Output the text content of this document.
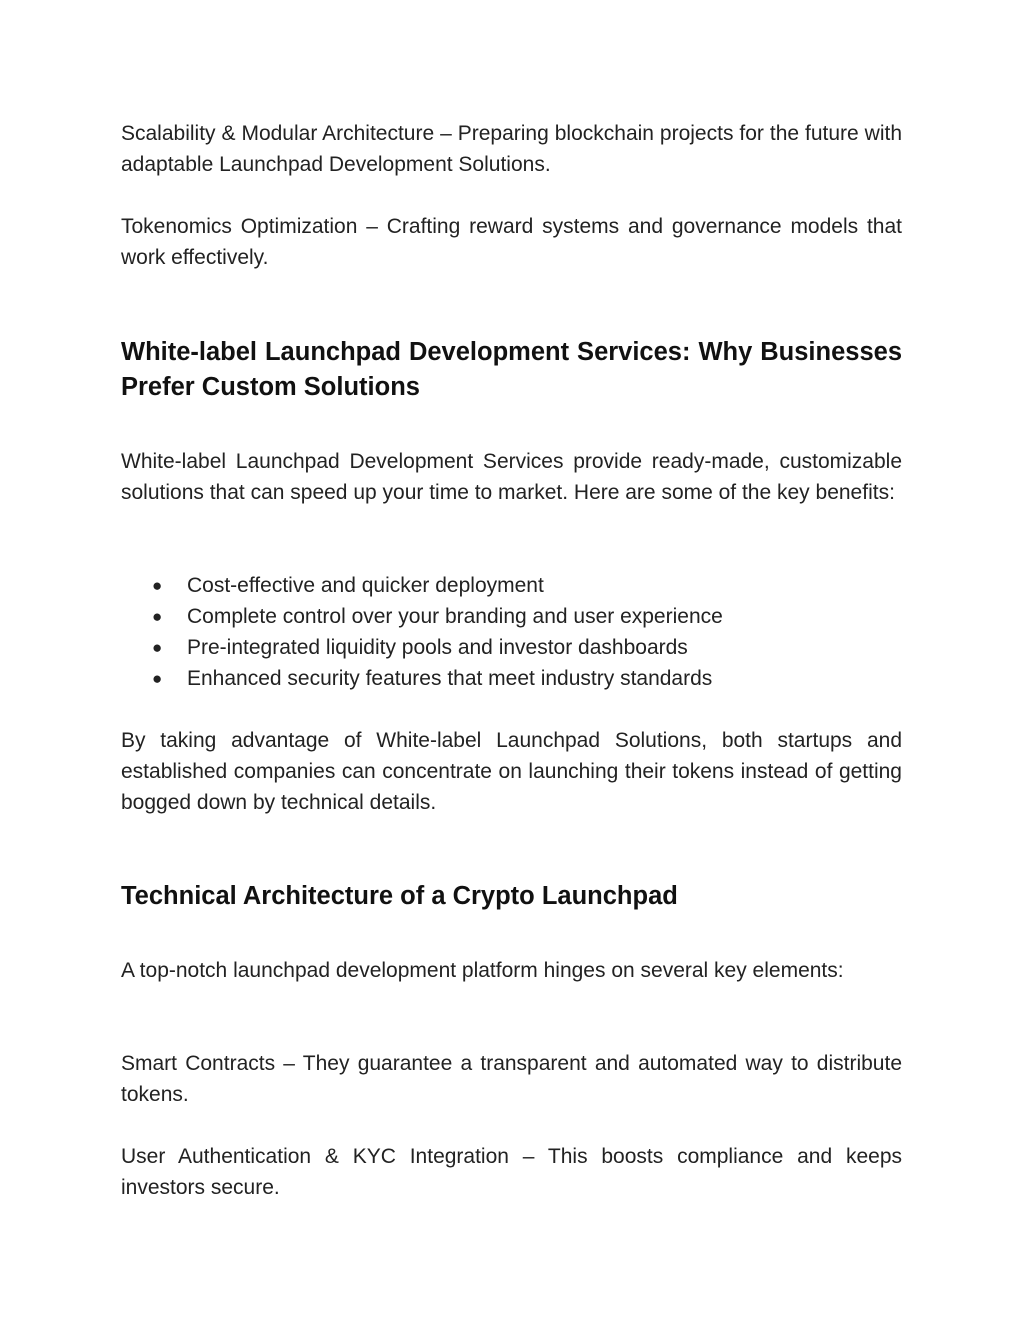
Scalability & Modular Architecture – Preparing blockchain projects for the future with adaptable Launchpad Development Solutions.

Tokenomics Optimization – Crafting reward systems and governance models that work effectively.

White-label Launchpad Development Services: Why Businesses Prefer Custom Solutions

White-label Launchpad Development Services provide ready-made, customizable solutions that can speed up your time to market. Here are some of the key benefits:

● Cost-effective and quicker deployment
● Complete control over your branding and user experience
● Pre-integrated liquidity pools and investor dashboards
● Enhanced security features that meet industry standards

By taking advantage of White-label Launchpad Solutions, both startups and established companies can concentrate on launching their tokens instead of getting bogged down by technical details.

Technical Architecture of a Crypto Launchpad

A top-notch launchpad development platform hinges on several key elements:

Smart Contracts – They guarantee a transparent and automated way to distribute tokens.

User Authentication & KYC Integration – This boosts compliance and keeps investors secure.
